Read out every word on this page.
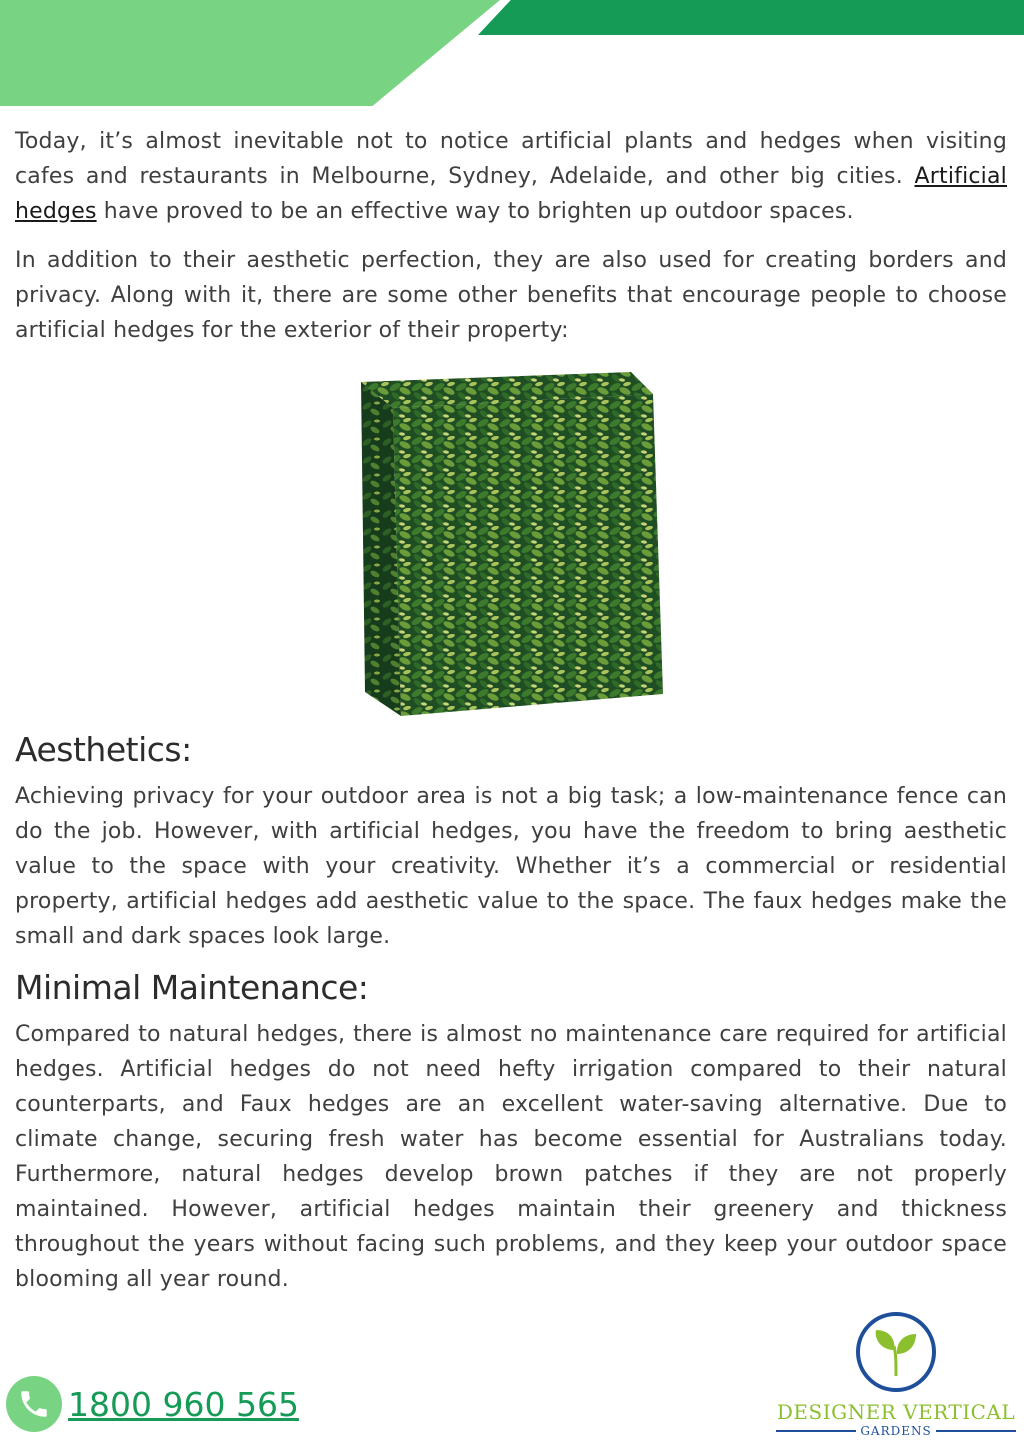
Today, it’s almost inevitable not to notice artificial plants and hedges when visiting cafes and restaurants in Melbourne, Sydney, Adelaide, and other big cities. Artificial hedges have proved to be an effective way to brighten up outdoor spaces.

In addition to their aesthetic perfection, they are also used for creating borders and privacy. Along with it, there are some other benefits that encourage people to choose artificial hedges for the exterior of their property:

Aesthetics:

Achieving privacy for your outdoor area is not a big task; a low-maintenance fence can do the job. However, with artificial hedges, you have the freedom to bring aesthetic value to the space with your creativity. Whether it’s a commercial or residential property, artificial hedges add aesthetic value to the space. The faux hedges make the small and dark spaces look large.

Minimal Maintenance:

Compared to natural hedges, there is almost no maintenance care required for artificial hedges. Artificial hedges do not need hefty irrigation compared to their natural counterparts, and Faux hedges are an excellent water-saving alternative. Due to climate change, securing fresh water has become essential for Australians today. Furthermore, natural hedges develop brown patches if they are not properly maintained. However, artificial hedges maintain their greenery and thickness throughout the years without facing such problems, and they keep your outdoor space blooming all year round.

1800 960 565	DESIGNER VERTICAL
GARDENS
